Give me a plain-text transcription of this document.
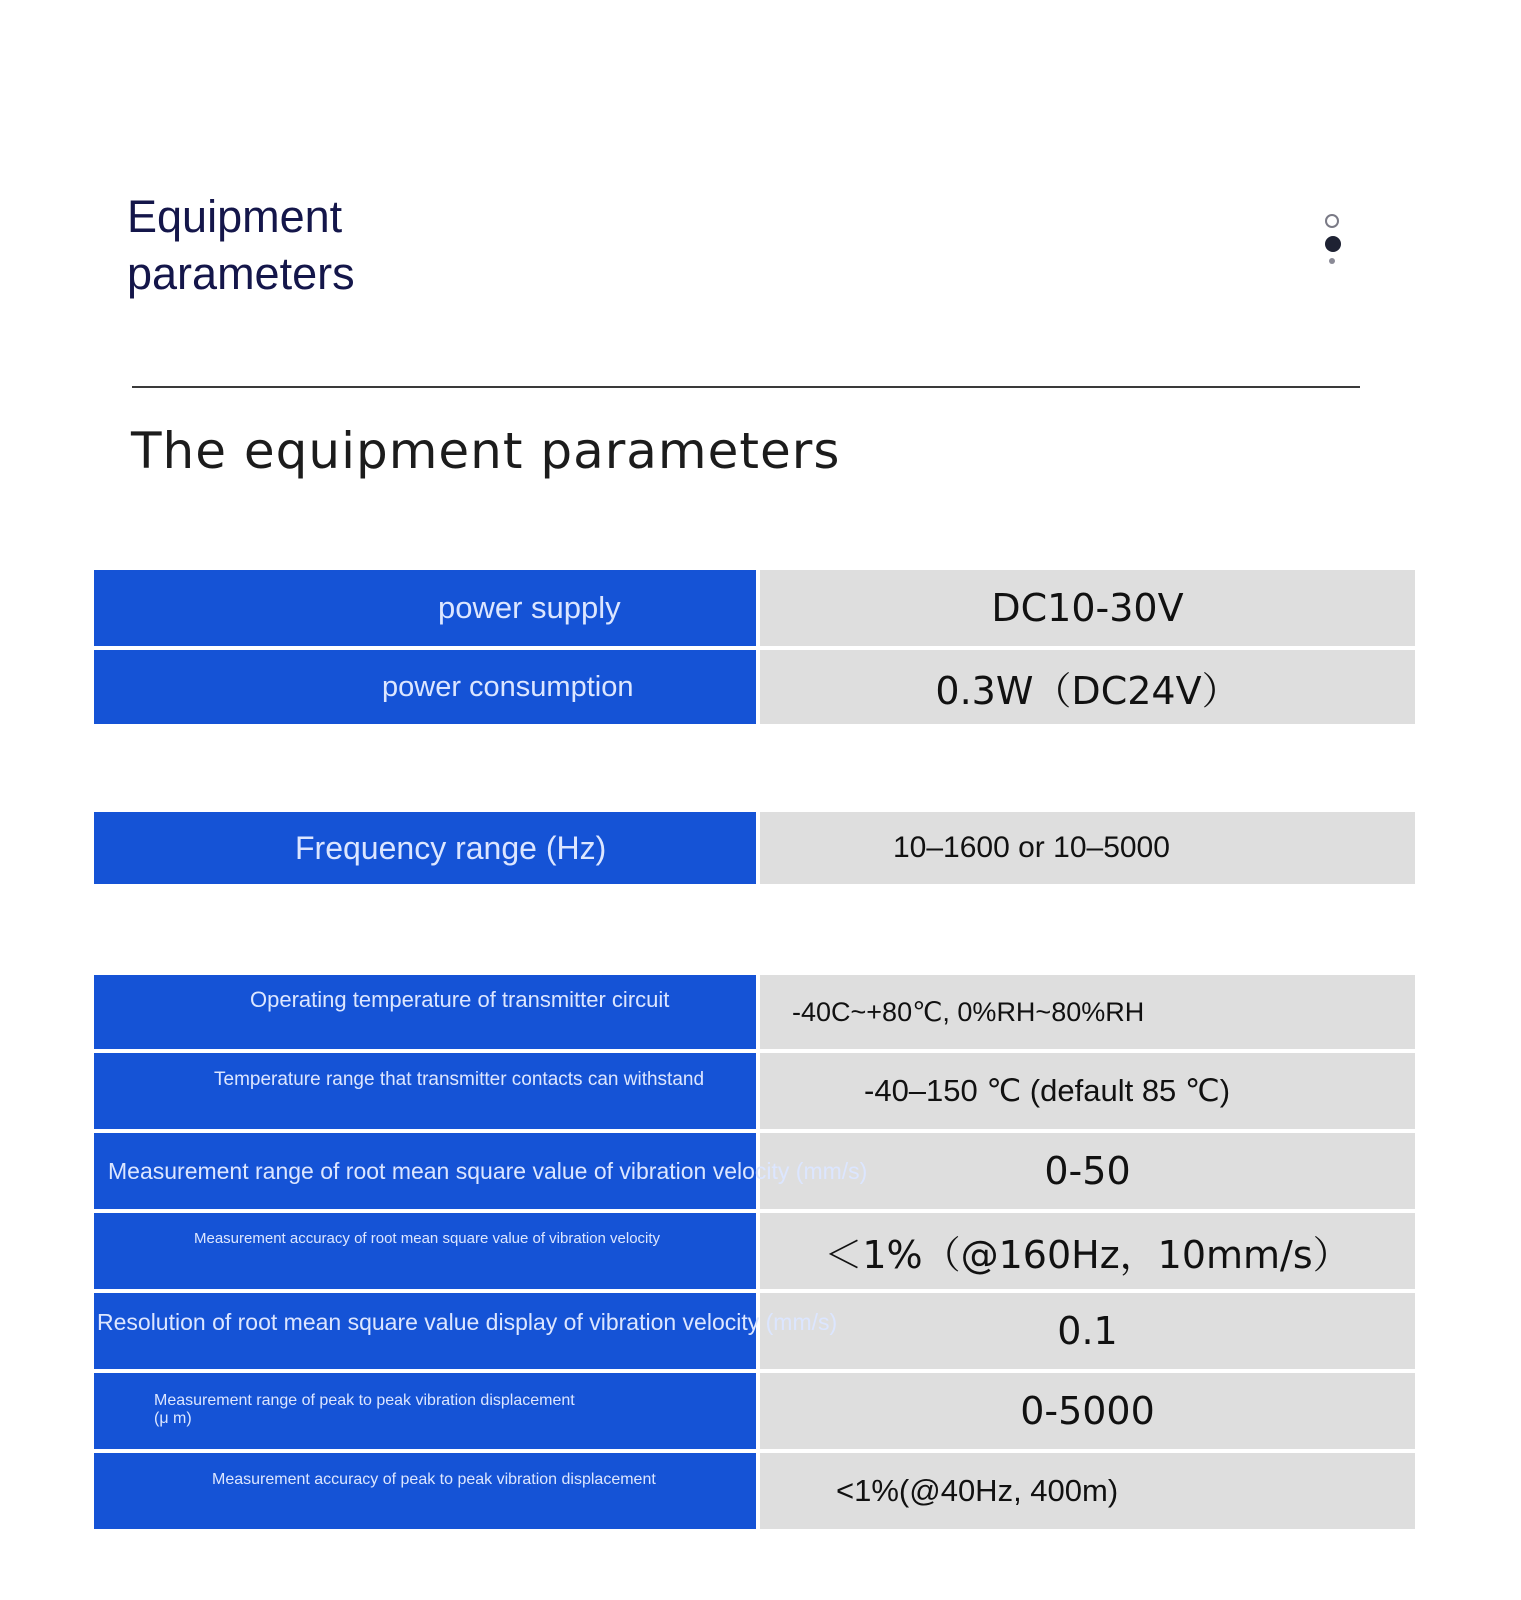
Equipment
parameters
The equipment parameters
power supply	DC10-30V
power consumption	0.3W（DC24V）
Frequency range (Hz)	10–1600 or 10–5000
Operating temperature of transmitter circuit	-40C~+80℃, 0%RH~80%RH
Temperature range that transmitter contacts can withstand	-40–150 ℃ (default 85 ℃)
Measurement range of root mean square value of vibration velocity (mm/s)	0-50
Measurement accuracy of root mean square value of vibration velocity	＜1%（@160Hz，10mm/s）
Resolution of root mean square value display of vibration velocity (mm/s)	0.1
Measurement range of peak to peak vibration displacement
(μ m)	0-5000
Measurement accuracy of peak to peak vibration displacement	<1%(@40Hz, 400m)
